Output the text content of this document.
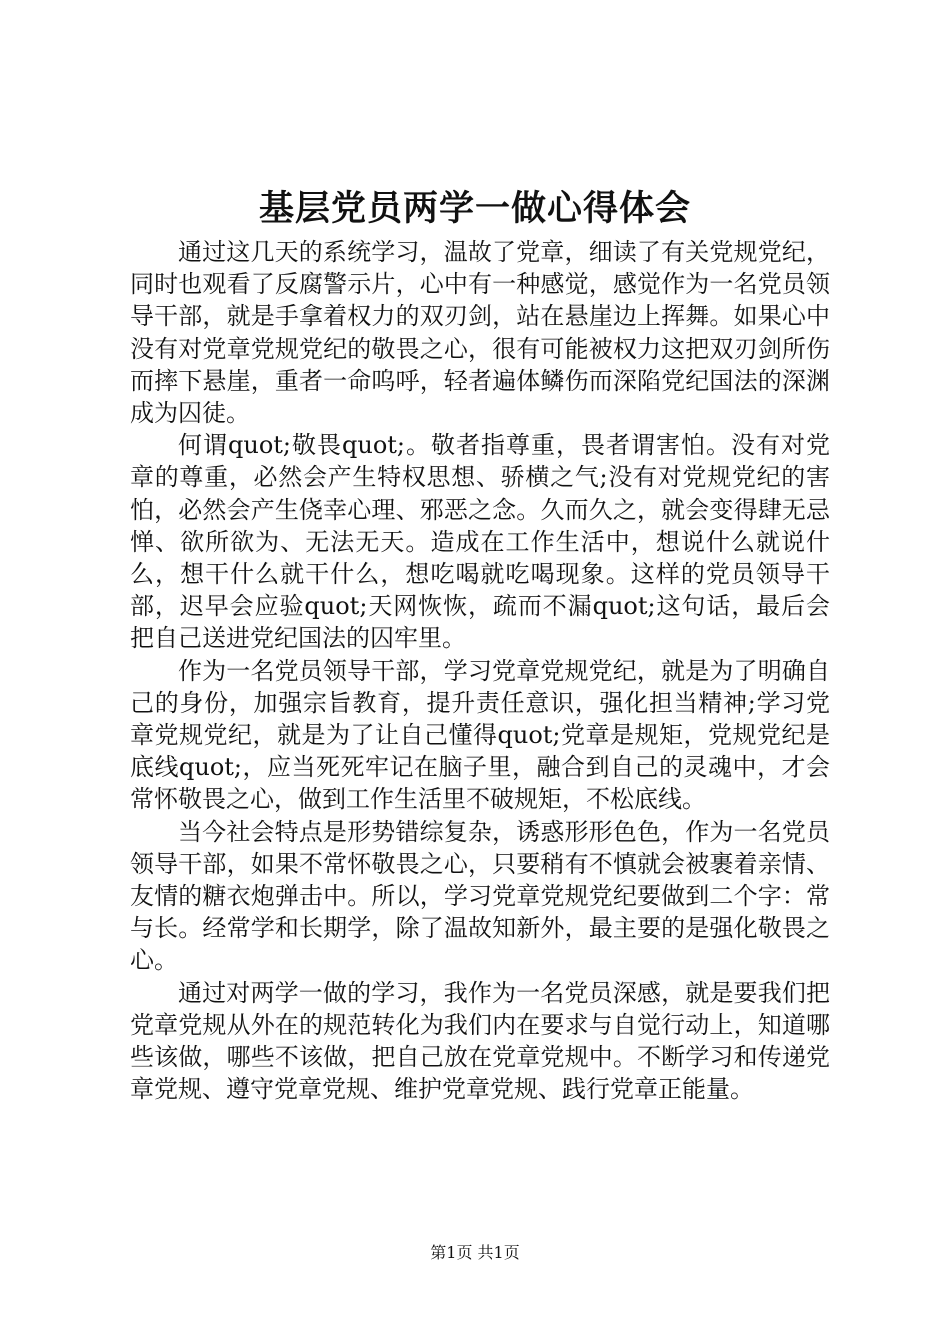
基层党员两学一做心得体会

通过这几天的系统学习，温故了党章，细读了有关党规党纪，同时也观看了反腐警示片，心中有一种感觉，感觉作为一名党员领导干部，就是手拿着权力的双刃剑，站在悬崖边上挥舞。如果心中没有对党章党规党纪的敬畏之心，很有可能被权力这把双刃剑所伤而摔下悬崖，重者一命呜呼，轻者遍体鳞伤而深陷党纪国法的深渊成为囚徒。

何谓quot;敬畏quot;。敬者指尊重，畏者谓害怕。没有对党章的尊重，必然会产生特权思想、骄横之气;没有对党规党纪的害怕，必然会产生侥幸心理、邪恶之念。久而久之，就会变得肆无忌惮、欲所欲为、无法无天。造成在工作生活中，想说什么就说什么，想干什么就干什么，想吃喝就吃喝现象。这样的党员领导干部，迟早会应验quot;天网恢恢，疏而不漏quot;这句话，最后会把自己送进党纪国法的囚牢里。

作为一名党员领导干部，学习党章党规党纪，就是为了明确自己的身份，加强宗旨教育，提升责任意识，强化担当精神;学习党章党规党纪，就是为了让自己懂得quot;党章是规矩，党规党纪是底线quot;，应当死死牢记在脑子里，融合到自己的灵魂中，才会常怀敬畏之心，做到工作生活里不破规矩，不松底线。

当今社会特点是形势错综复杂，诱惑形形色色，作为一名党员领导干部，如果不常怀敬畏之心，只要稍有不慎就会被裹着亲情、友情的糖衣炮弹击中。所以，学习党章党规党纪要做到二个字：常与长。经常学和长期学，除了温故知新外，最主要的是强化敬畏之心。

通过对两学一做的学习，我作为一名党员深感，就是要我们把党章党规从外在的规范转化为我们内在要求与自觉行动上，知道哪些该做，哪些不该做，把自己放在党章党规中。不断学习和传递党章党规、遵守党章党规、维护党章党规、践行党章正能量。

第1页 共1页
